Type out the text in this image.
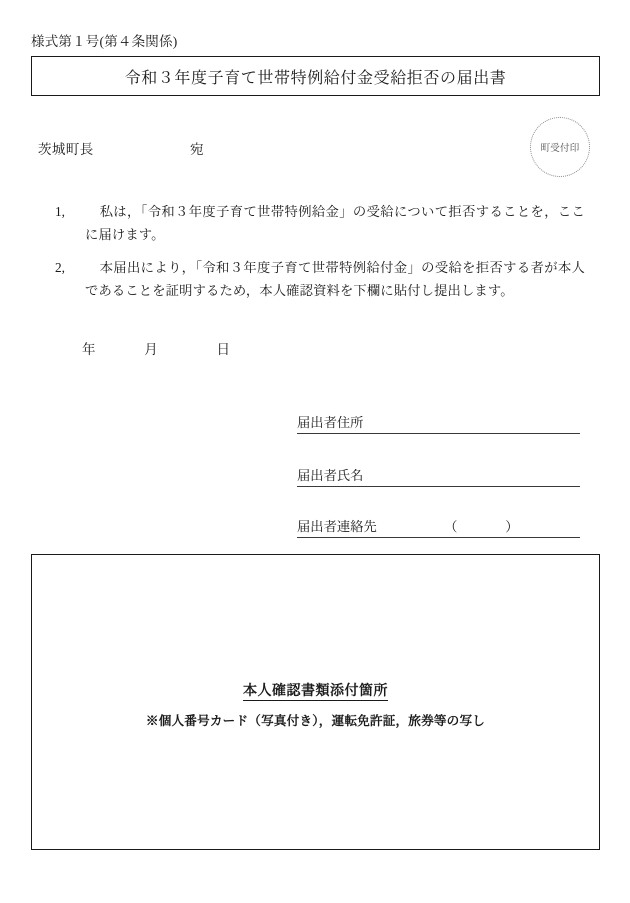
様式第１号(第４条関係)
令和３年度子育て世帯特例給付金受給拒否の届出書
茨城町長	宛	町受付印
1,	私は，「令和３年度子育て世帯特例給金」の受給について拒否することを，ここに届けます。
2,	本届出により，「令和３年度子育て世帯特例給付金」の受給を拒否する者が本人であることを証明するため，本人確認資料を下欄に貼付し提出します。
年	月	日
届出者住所
届出者氏名
届出者連絡先	（　　　）
本人確認書類添付箇所
※個人番号カード（写真付き），運転免許証，旅券等の写し
